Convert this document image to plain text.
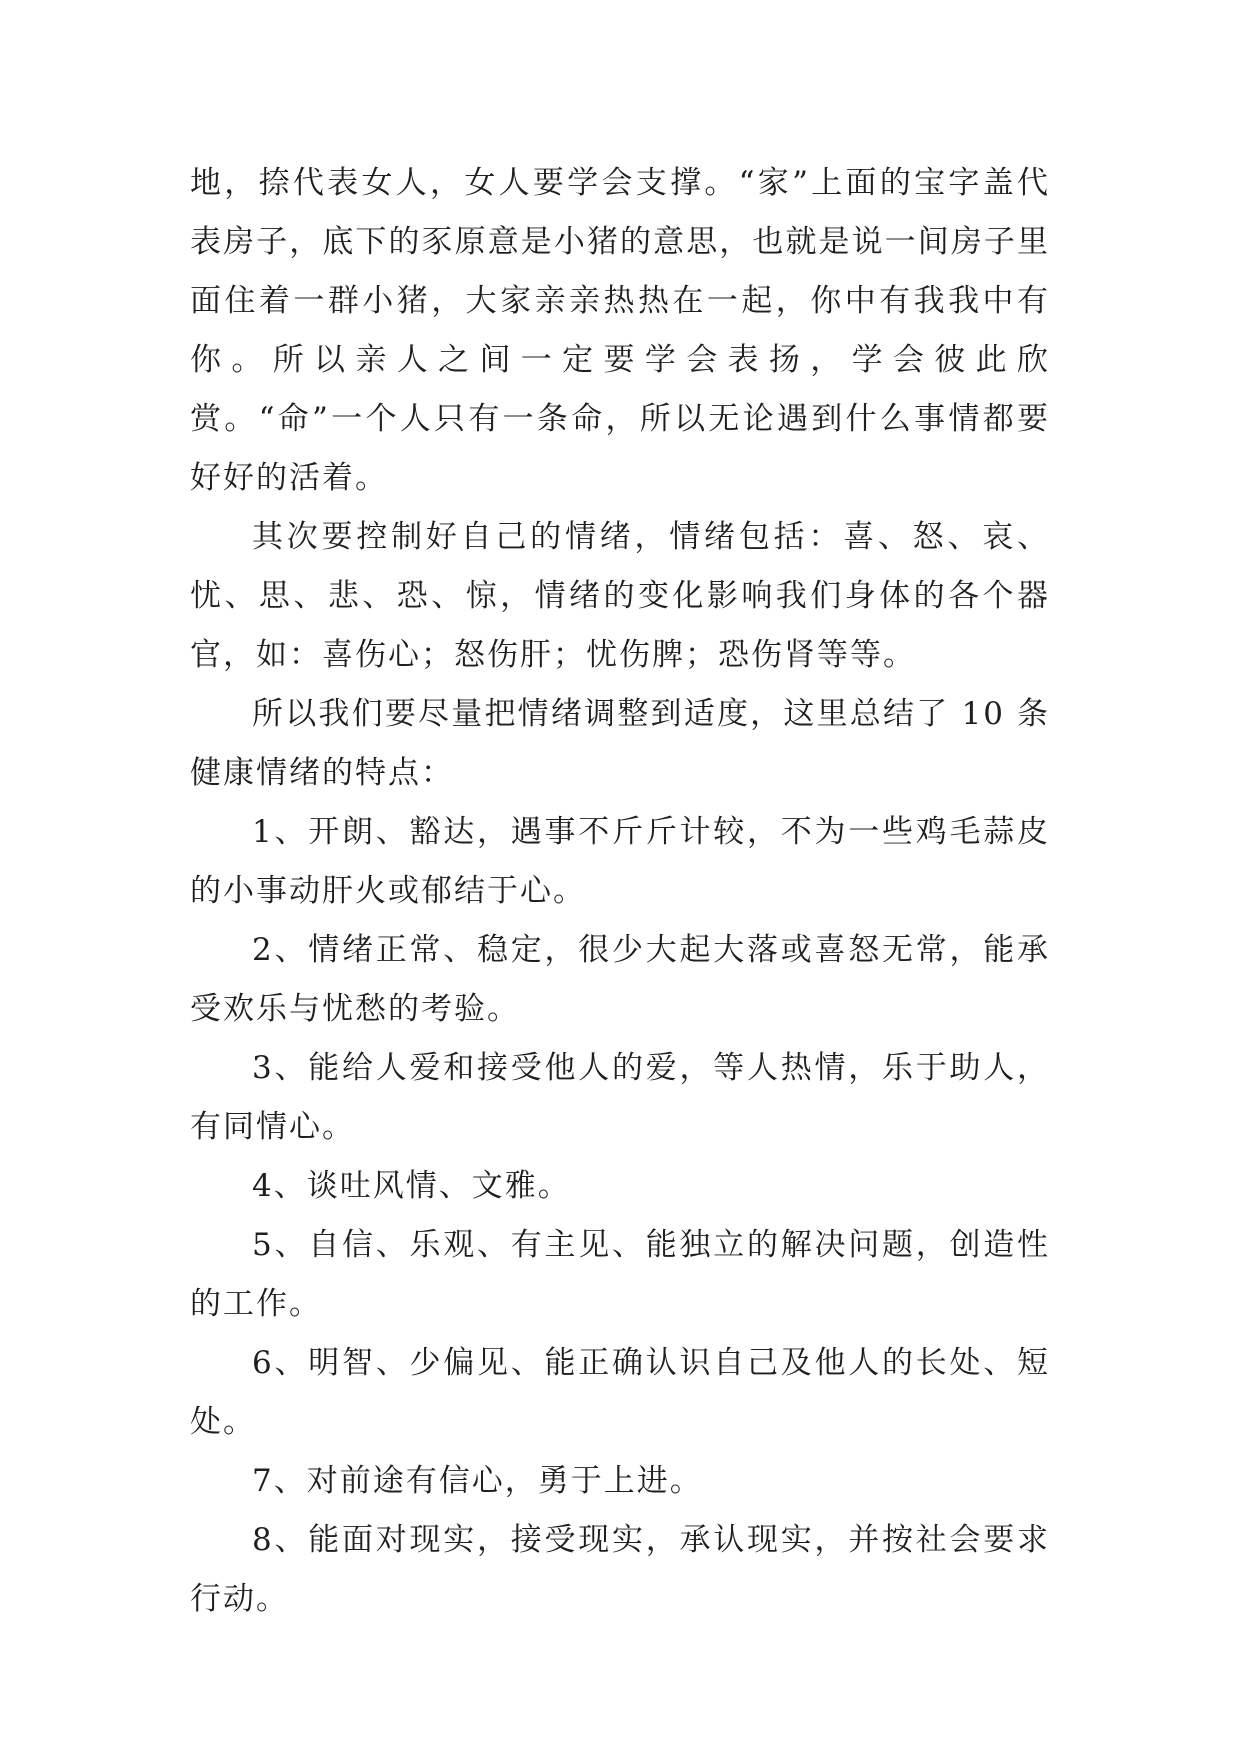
地，捺代表女人，女人要学会支撑。“家”上面的宝字盖代表房子，底下的豕原意是小猪的意思，也就是说一间房子里面住着一群小猪，大家亲亲热热在一起，你中有我我中有你。所以亲人之间一定要学会表扬，学会彼此欣赏。“命”一个人只有一条命，所以无论遇到什么事情都要好好的活着。

其次要控制好自己的情绪，情绪包括：喜、怒、哀、忧、思、悲、恐、惊，情绪的变化影响我们身体的各个器官，如：喜伤心；怒伤肝；忧伤脾；恐伤肾等等。

所以我们要尽量把情绪调整到适度，这里总结了 10 条健康情绪的特点：

1、开朗、豁达，遇事不斤斤计较，不为一些鸡毛蒜皮的小事动肝火或郁结于心。

2、情绪正常、稳定，很少大起大落或喜怒无常，能承受欢乐与忧愁的考验。

3、能给人爱和接受他人的爱，等人热情，乐于助人，有同情心。

4、谈吐风情、文雅。

5、自信、乐观、有主见、能独立的解决问题，创造性的工作。

6、明智、少偏见、能正确认识自己及他人的长处、短处。

7、对前途有信心，勇于上进。

8、能面对现实，接受现实，承认现实，并按社会要求行动。
